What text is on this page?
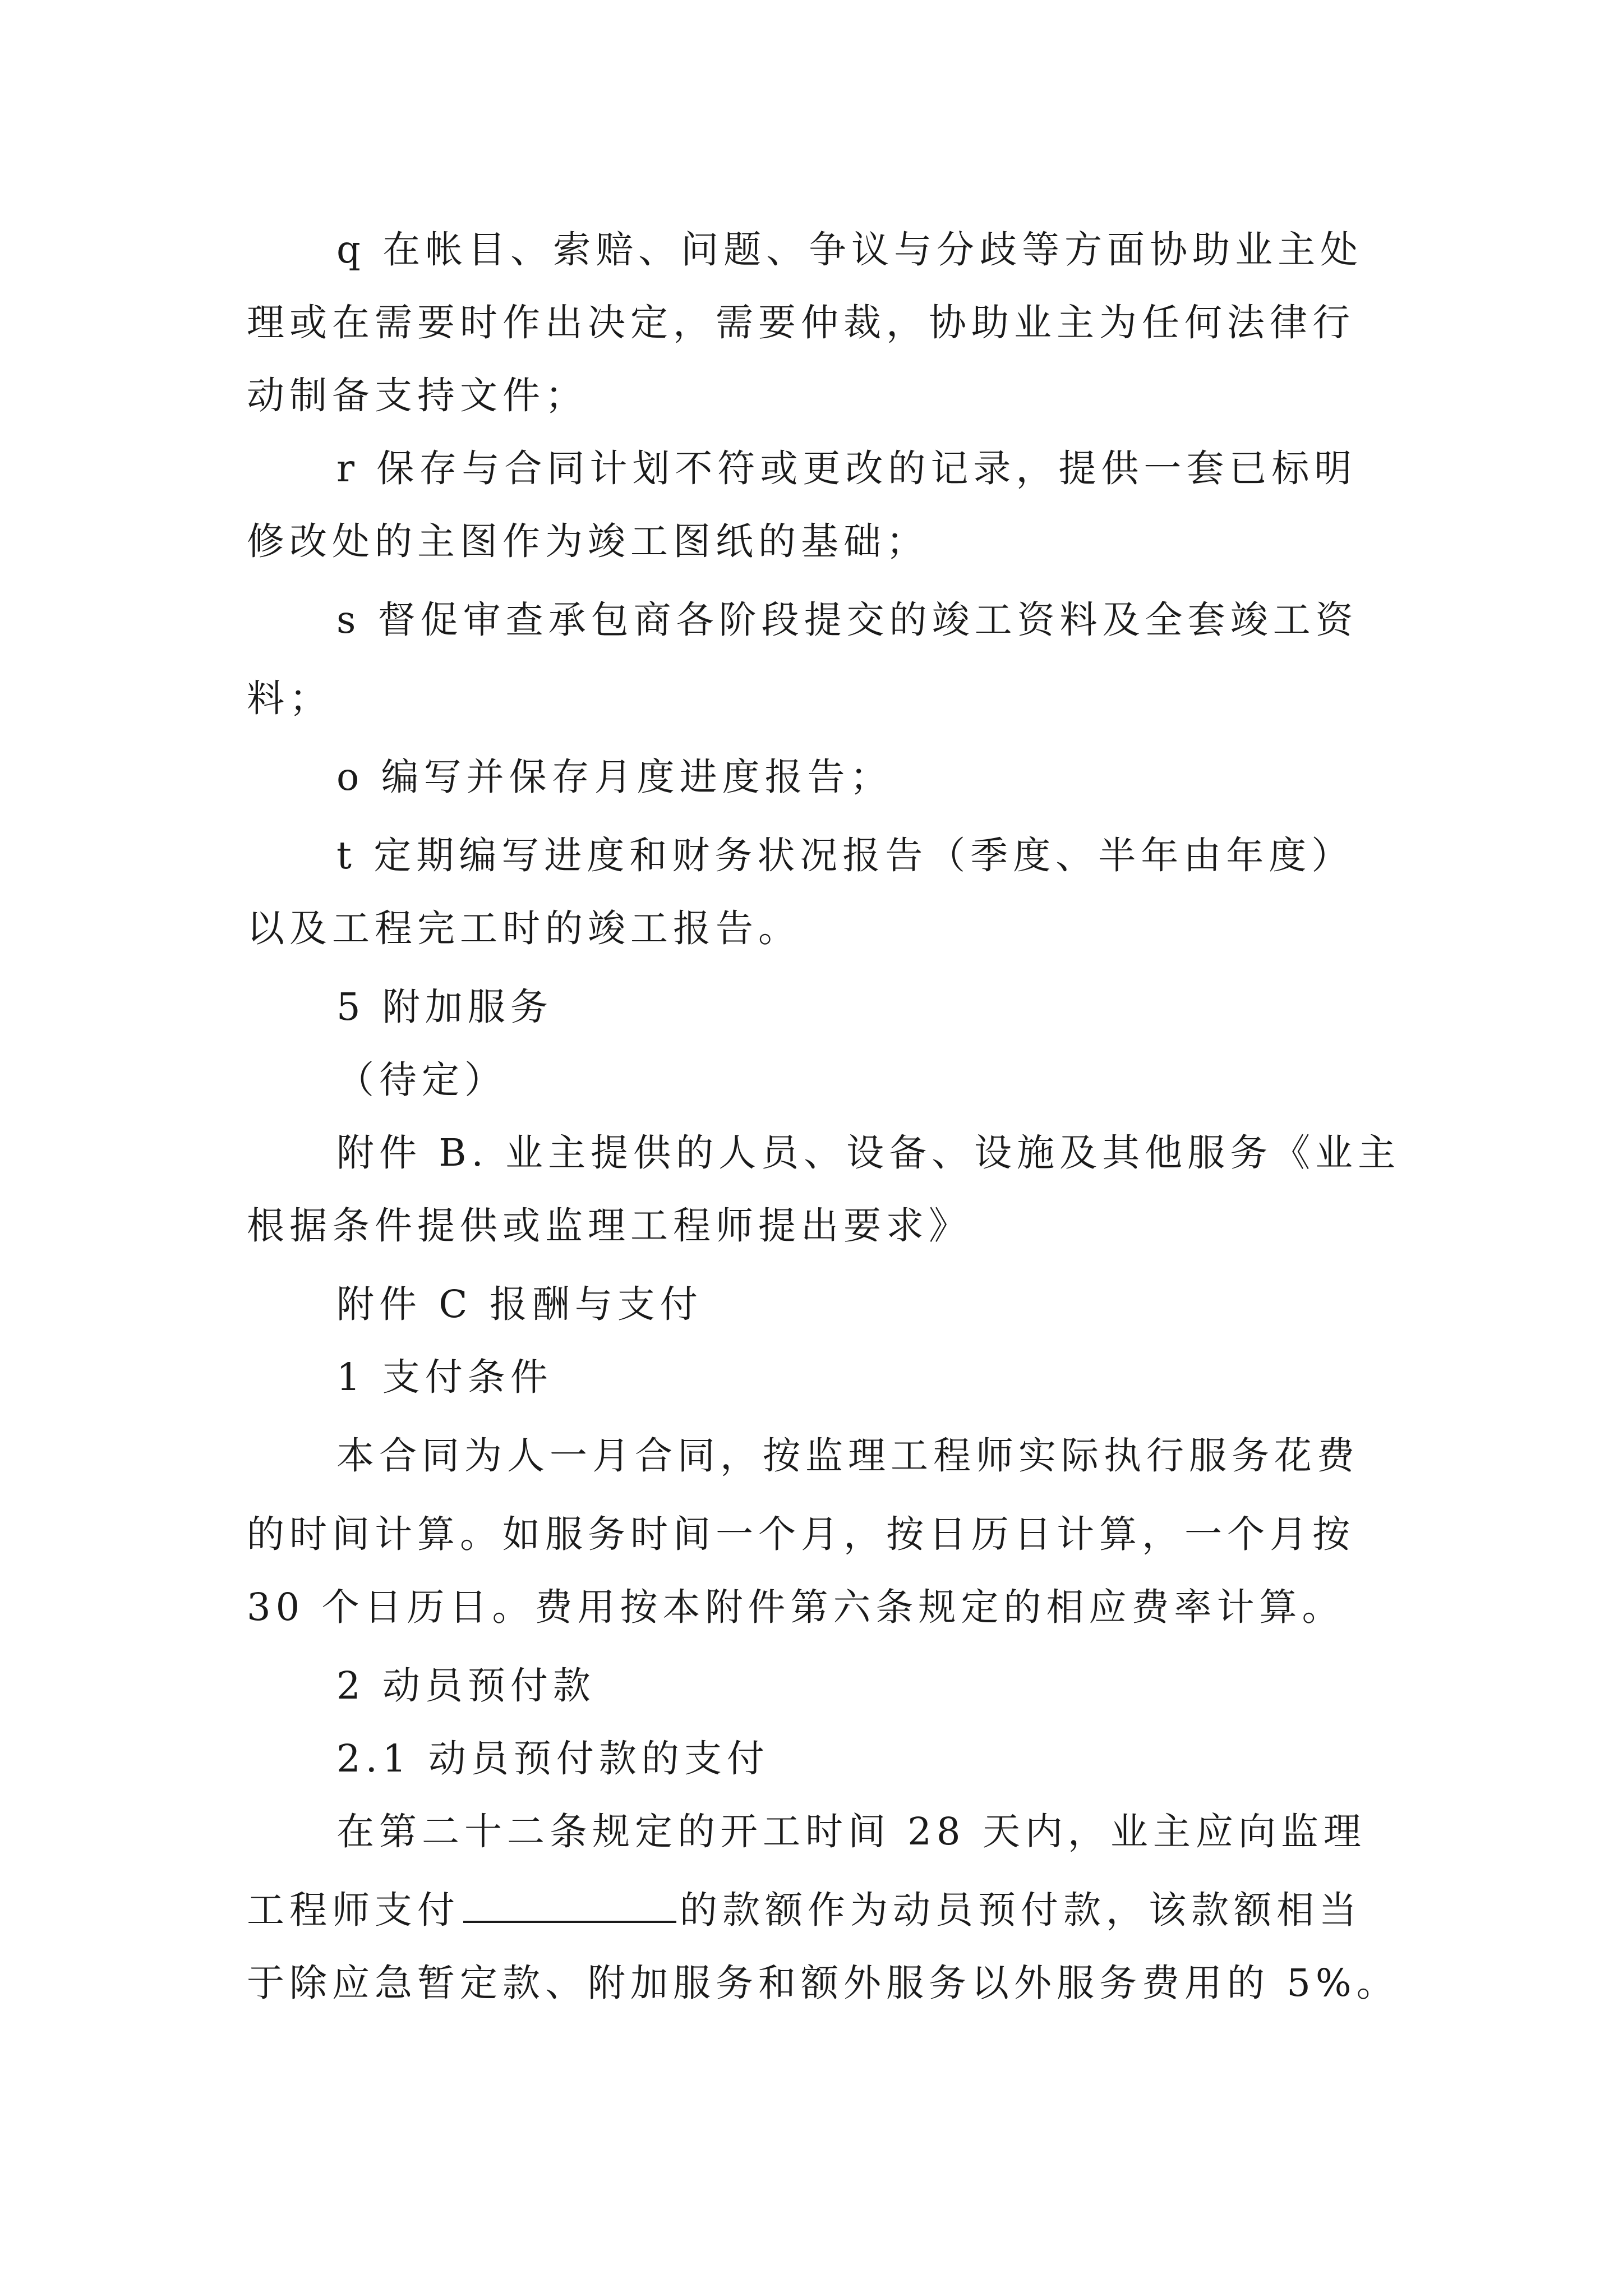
q 在帐目、索赔、问题、争议与分歧等方面协助业主处
理或在需要时作出决定，需要仲裁，协助业主为任何法律行
动制备支持文件；
r 保存与合同计划不符或更改的记录，提供一套已标明
修改处的主图作为竣工图纸的基础；
s 督促审查承包商各阶段提交的竣工资料及全套竣工资
料；
o 编写并保存月度进度报告；
t 定期编写进度和财务状况报告（季度、半年由年度）
以及工程完工时的竣工报告。
5 附加服务
（待定）
附件 B. 业主提供的人员、设备、设施及其他服务《业主
根据条件提供或监理工程师提出要求》
附件 C 报酬与支付
1 支付条件
本合同为人一月合同，按监理工程师实际执行服务花费
的时间计算。如服务时间一个月，按日历日计算，一个月按
30 个日历日。费用按本附件第六条规定的相应费率计算。
2 动员预付款
2.1 动员预付款的支付
在第二十二条规定的开工时间 28 天内，业主应向监理
工程师支付	的款额作为动员预付款，该款额相当
于除应急暂定款、附加服务和额外服务以外服务费用的 5%。
